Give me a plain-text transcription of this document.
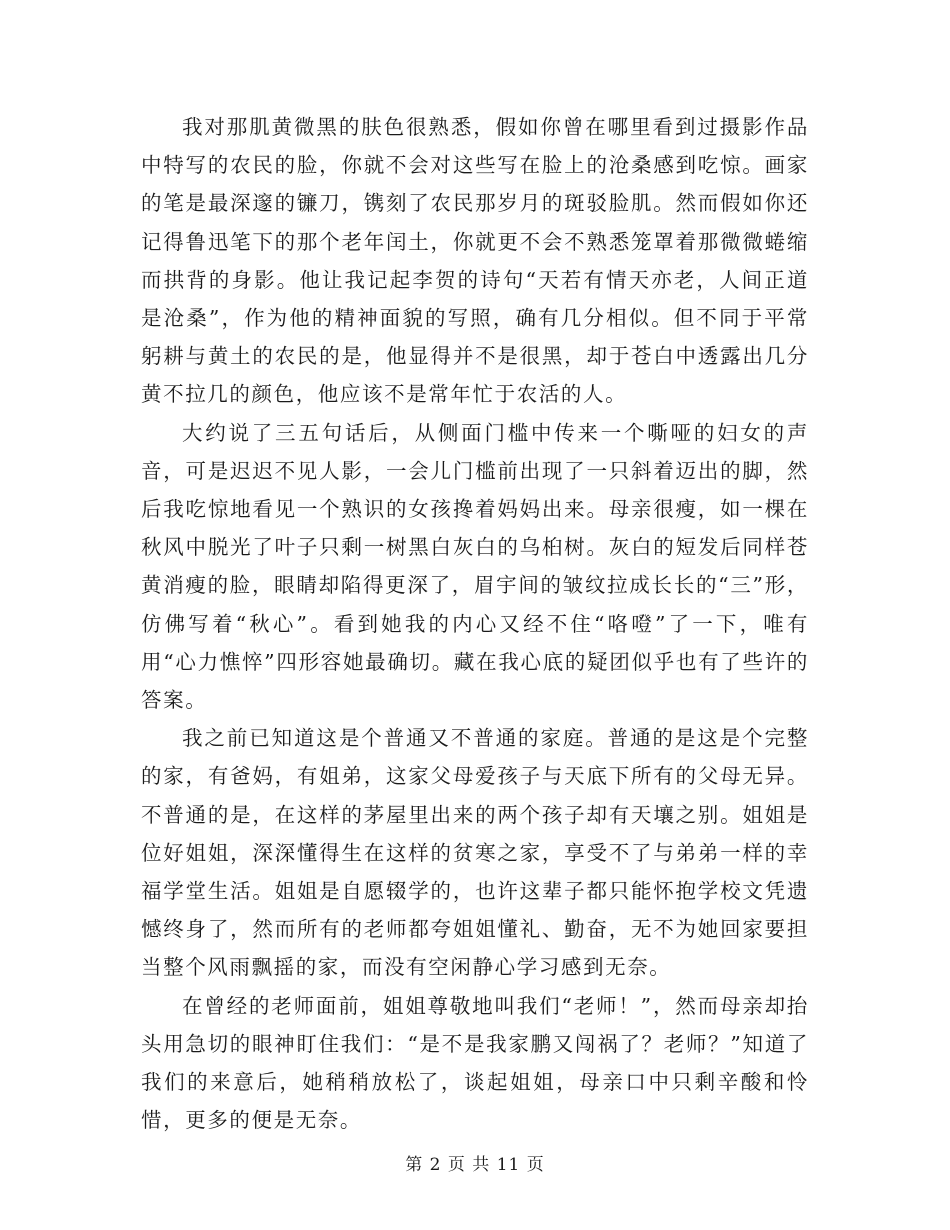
我对那肌黄微黑的肤色很熟悉，假如你曾在哪里看到过摄影作品中特写的农民的脸，你就不会对这些写在脸上的沧桑感到吃惊。画家的笔是最深邃的镰刀，镌刻了农民那岁月的斑驳脸肌。然而假如你还记得鲁迅笔下的那个老年闰土，你就更不会不熟悉笼罩着那微微蜷缩而拱背的身影。他让我记起李贺的诗句“天若有情天亦老，人间正道是沧桑”，作为他的精神面貌的写照，确有几分相似。但不同于平常躬耕与黄土的农民的是，他显得并不是很黑，却于苍白中透露出几分黄不拉几的颜色，他应该不是常年忙于农活的人。

大约说了三五句话后，从侧面门槛中传来一个嘶哑的妇女的声音，可是迟迟不见人影，一会儿门槛前出现了一只斜着迈出的脚，然后我吃惊地看见一个熟识的女孩搀着妈妈出来。母亲很瘦，如一棵在秋风中脱光了叶子只剩一树黑白灰白的乌桕树。灰白的短发后同样苍黄消瘦的脸，眼睛却陷得更深了，眉宇间的皱纹拉成长长的“三”形，仿佛写着“秋心”。看到她我的内心又经不住“咯噔”了一下，唯有用“心力憔悴”四形容她最确切。藏在我心底的疑团似乎也有了些许的答案。

我之前已知道这是个普通又不普通的家庭。普通的是这是个完整的家，有爸妈，有姐弟，这家父母爱孩子与天底下所有的父母无异。不普通的是，在这样的茅屋里出来的两个孩子却有天壤之别。姐姐是位好姐姐，深深懂得生在这样的贫寒之家，享受不了与弟弟一样的幸福学堂生活。姐姐是自愿辍学的，也许这辈子都只能怀抱学校文凭遗憾终身了，然而所有的老师都夸姐姐懂礼、勤奋，无不为她回家要担当整个风雨飘摇的家，而没有空闲静心学习感到无奈。

在曾经的老师面前，姐姐尊敬地叫我们“老师！”，然而母亲却抬头用急切的眼神盯住我们：“是不是我家鹏又闯祸了？老师？”知道了我们的来意后，她稍稍放松了，谈起姐姐，母亲口中只剩辛酸和怜惜，更多的便是无奈。

第 2 页 共 11 页
